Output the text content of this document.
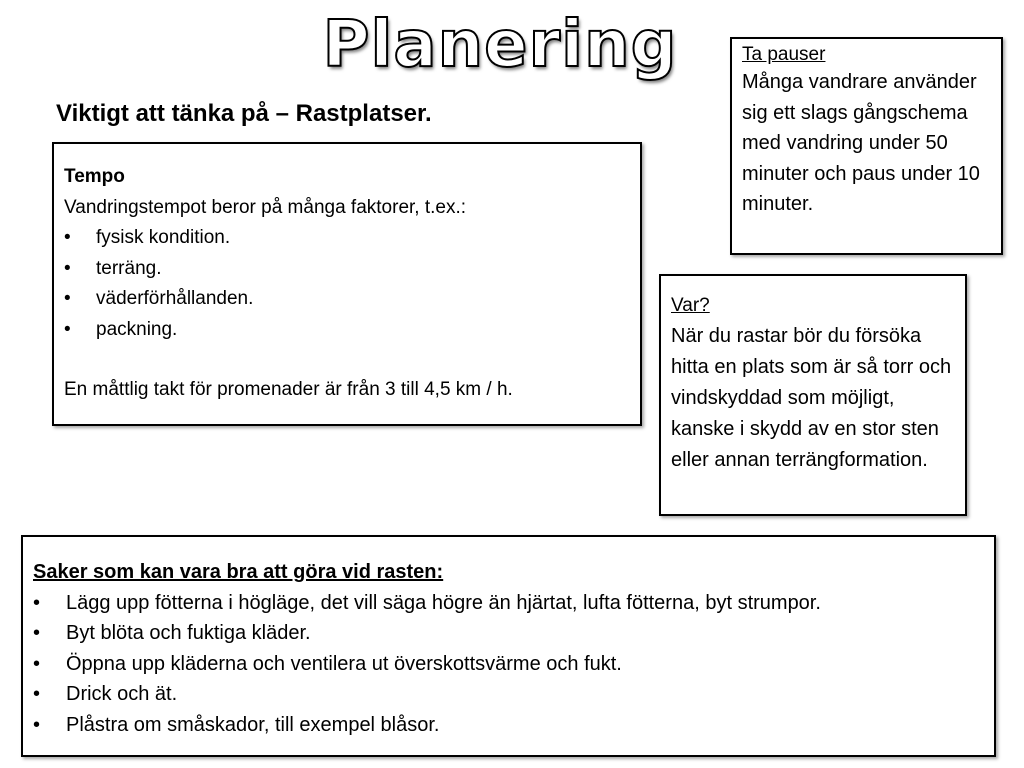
Planering
Viktigt att tänka på – Rastplatser.
Tempo
Vandringstempot beror på många faktorer, t.ex.:
• fysisk kondition.
• terräng.
• väderförhållanden.
• packning.
En måttlig takt för promenader är från 3 till 4,5 km / h.
Ta pauser
Många vandrare använder sig ett slags gångschema med vandring under 50 minuter och paus under 10 minuter.
Var?
När du rastar bör du försöka hitta en plats som är så torr och vindskyddad som möjligt, kanske i skydd av en stor sten eller annan terrängformation.
Saker som kan vara bra att göra vid rasten:
• Lägg upp fötterna i högläge, det vill säga högre än hjärtat, lufta fötterna, byt strumpor.
• Byt blöta och fuktiga kläder.
• Öppna upp kläderna och ventilera ut överskottsvärme och fukt.
• Drick och ät.
• Plåstra om småskador, till exempel blåsor.
